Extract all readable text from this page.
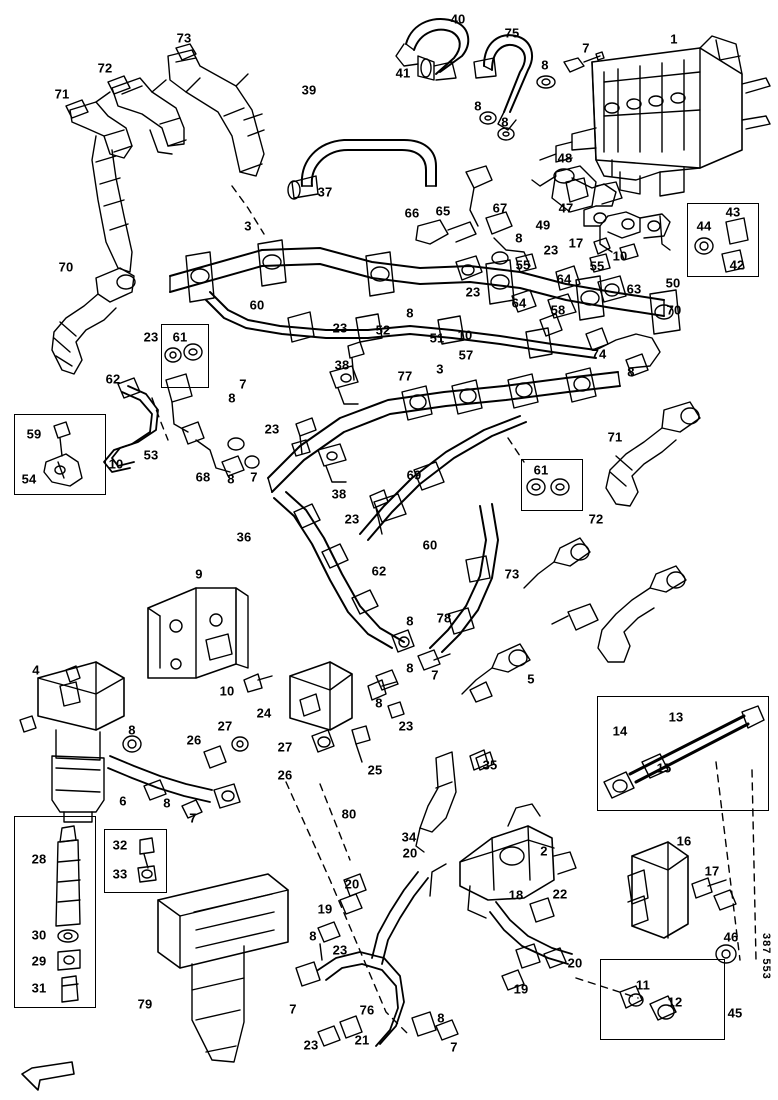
40
73	75
7
1
72	41
8
39
71
8
8
48
37
47
44
43
3
66 65	67
49
17
42
8
23	10
50
70	55	55
64
63
23
64 58
60	70
23 52
8
51 10
23 61
57	74
38
77 3	8
62	7
8
71
23
59
54
53
10
68 8 7
38
69	61
23
60
72
36
62	73
9
8 78
4	7	5
8
13
10
24
8
23	14
8	27
26	27
15
26	25	35
6	8
7	80
16
28
32
34
2
33
20
17
30
29
31
20
18 22
46
19
8
23
11
12
45
20
19
79	7	76
8
23	21	7
387 553
